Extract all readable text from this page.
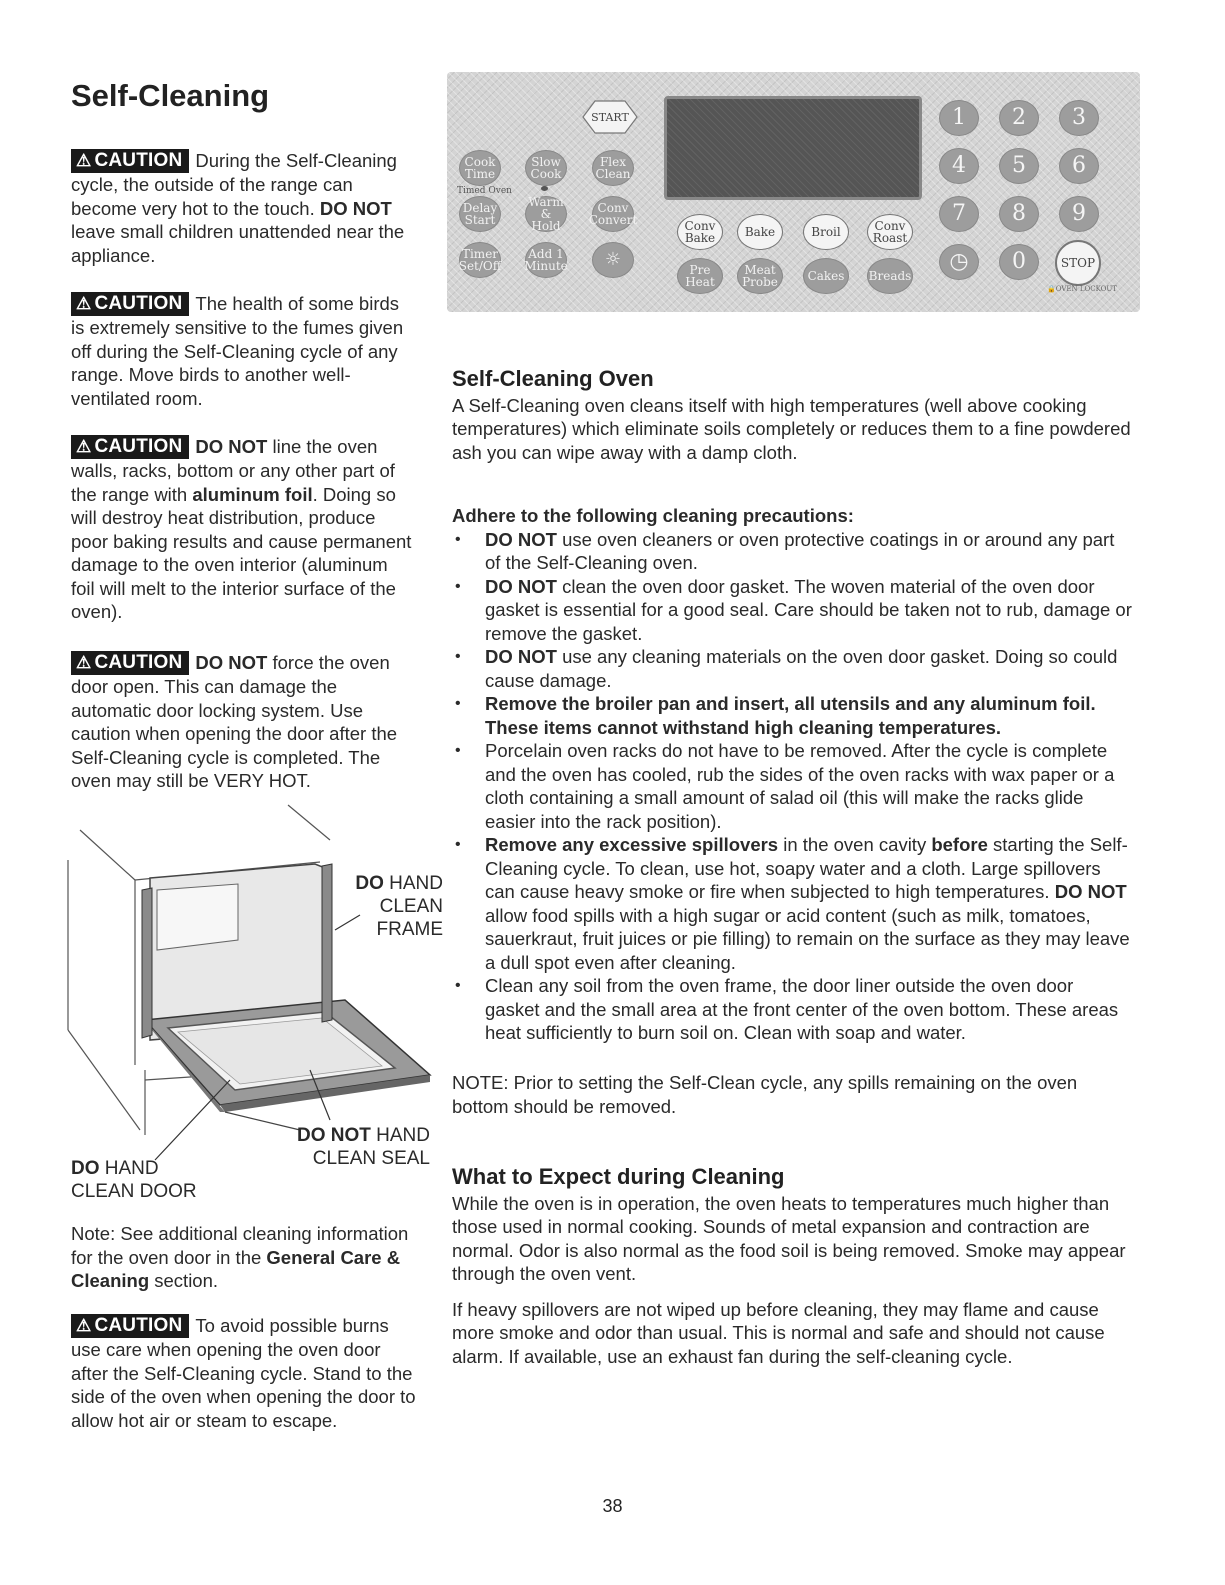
Self-Cleaning

⚠ CAUTION During the Self-Cleaning cycle, the outside of the range can become very hot to the touch. DO NOT leave small children unattended near the appliance.

⚠ CAUTION The health of some birds is extremely sensitive to the fumes given off during the Self-Cleaning cycle of any range. Move birds to another well-ventilated room.

⚠ CAUTION DO NOT line the oven walls, racks, bottom or any other part of the range with aluminum foil. Doing so will destroy heat distribution, produce poor baking results and cause permanent damage to the oven interior (aluminum foil will melt to the interior surface of the oven).

⚠ CAUTION DO NOT force the oven door open. This can damage the automatic door locking system. Use caution when opening the door after the Self-Cleaning cycle is completed. The oven may still be VERY HOT.

DO HAND
CLEAN
FRAME
DO NOT HAND
CLEAN SEAL
DO HAND
CLEAN DOOR

Note: See additional cleaning information for the oven door in the General Care & Cleaning section.

⚠ CAUTION To avoid possible burns use care when opening the oven door after the Self-Cleaning cycle. Stand to the side of the oven when opening the door to allow hot air or steam to escape.

START
Cook Time
Slow Cook
Flex Clean
Timed Oven
Delay Start
Warm & Hold
Conv Convert
Timer Set/Off
Add 1 Minute ☼
Conv Bake	Bake	Broil	Conv Roast
Pre Heat
Meat Probe	Cakes	Breads
1	2	3
4	5	6
7	8	9
◷	0	STOP
🔒OVEN LOCKOUT
Self-Cleaning Oven

A Self-Cleaning oven cleans itself with high temperatures (well above cooking temperatures) which eliminate soils completely or reduces them to a fine powdered ash you can wipe away with a damp cloth.

Adhere to the following cleaning precautions:

• DO NOT use oven cleaners or oven protective coatings in or around any part of the Self-Cleaning oven.
• DO NOT clean the oven door gasket. The woven material of the oven door gasket is essential for a good seal. Care should be taken not to rub, damage or remove the gasket.
• DO NOT use any cleaning materials on the oven door gasket. Doing so could cause damage.
• Remove the broiler pan and insert, all utensils and any aluminum foil. These items cannot withstand high cleaning temperatures.
• Porcelain oven racks do not have to be removed. After the cycle is complete and the oven has cooled, rub the sides of the oven racks with wax paper or a cloth containing a small amount of salad oil (this will make the racks glide easier into the rack position).
• Remove any excessive spillovers in the oven cavity before starting the Self-Cleaning cycle. To clean, use hot, soapy water and a cloth. Large spillovers can cause heavy smoke or fire when subjected to high temperatures. DO NOT allow food spills with a high sugar or acid content (such as milk, tomatoes, sauerkraut, fruit juices or pie filling) to remain on the surface as they may leave a dull spot even after cleaning.
• Clean any soil from the oven frame, the door liner outside the oven door gasket and the small area at the front center of the oven bottom. These areas heat sufficiently to burn soil on. Clean with soap and water.
NOTE: Prior to setting the Self-Clean cycle, any spills remaining on the oven bottom should be removed.
What to Expect during Cleaning

While the oven is in operation, the oven heats to temperatures much higher than those used in normal cooking. Sounds of metal expansion and contraction are normal. Odor is also normal as the food soil is being removed. Smoke may appear through the oven vent.

If heavy spillovers are not wiped up before cleaning, they may flame and cause more smoke and odor than usual. This is normal and safe and should not cause alarm. If available, use an exhaust fan during the self-cleaning cycle.

38
